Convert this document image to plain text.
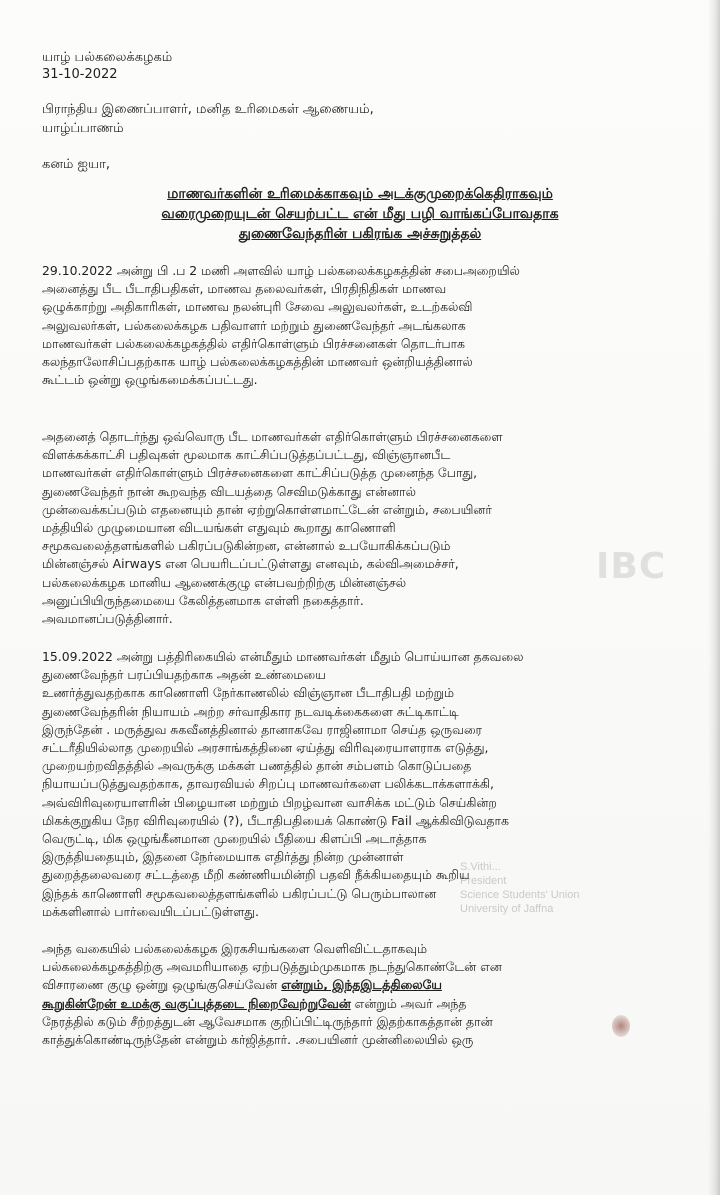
IBC
S.Vithi...
President
Science Students' Union
University of Jaffna
யாழ் பல்கலைக்கழகம்
31-10-2022
பிராந்திய இணைப்பாளர், மனித உரிமைகள் ஆணையம்,
யாழ்ப்பாணம்
கனம் ஐயா,
மாணவர்களின் உரிமைக்காகவும் அடக்குமுறைக்கெதிராகவும்
வரைமுறையுடன் செயற்பட்ட என் மீது பழி வாங்கப்போவதாக
துணைவேந்தரின் பகிரங்க அச்சுறுத்தல்
29.10.2022 அன்று பி .ப 2 மணி அளவில் யாழ் பல்கலைக்கழகத்தின் சபைஅறையில்
அனைத்து பீட பீடாதிபதிகள், மாணவ தலைவர்கள், பிரதிநிதிகள் மாணவ
ஒழுக்காற்று அதிகாரிகள், மாணவ நலன்புரி சேவை அலுவலர்கள், உடற்கல்வி
அலுவலர்கள், பல்கலைக்கழக பதிவாளர் மற்றும் துணைவேந்தர் அடங்கலாக
மாணவர்கள் பல்கலைக்கழகத்தில் எதிர்கொள்ளும் பிரச்சனைகள் தொடர்பாக
கலந்தாலோசிப்பதற்காக யாழ் பல்கலைக்கழகத்தின் மாணவர் ஒன்றியத்தினால்
கூட்டம் ஒன்று ஒழுங்கமைக்கப்பட்டது.
அதனைத் தொடர்ந்து ஒவ்வொரு பீட மாணவர்கள் எதிர்கொள்ளும் பிரச்சனைகளை
விளக்கக்காட்சி பதிவுகள் மூலமாக காட்சிப்படுத்தப்பட்டது, விஞ்ஞானபீட
மாணவர்கள் எதிர்கொள்ளும் பிரச்சனைகளை காட்சிப்படுத்த முனைந்த போது,
துணைவேந்தர் நான் கூறவந்த விடயத்தை செவிமடுக்காது என்னால்
முன்வைக்கப்படும் எதனையும் தான் ஏற்றுகொள்ளமாட்டேன் என்றும், சபையினர்
மத்தியில் முழுமையான விடயங்கள் எதுவும் கூறாது காணொளி
சமூகவலைத்தளங்களில் பகிரப்படுகின்றன, என்னால் உபயோகிக்கப்படும்
மின்னஞ்சல் Airways என பெயரிடப்பட்டுள்ளது எனவும், கல்விஅமைச்சர்,
பல்கலைக்கழக மானிய ஆணைக்குழு என்பவற்றிற்கு மின்னஞ்சல்
அனுப்பியிருந்தமையை கேலித்தனமாக எள்ளி நகைத்தார்.
அவமானப்படுத்தினார்.
15.09.2022 அன்று பத்திரிகையில் என்மீதும் மாணவர்கள் மீதும் பொய்யான தகவலை
துணைவேந்தர் பரப்பியதற்காக அதன் உண்மையை
உணர்த்துவதற்காக காணொளி நேர்காணலில் விஞ்ஞான பீடாதிபதி மற்றும்
துணைவேந்தரின் நியாயம் அற்ற சர்வாதிகார நடவடிக்கைகளை சுட்டிகாட்டி
இருந்தேன் . மருத்துவ சுகவீனத்தினால் தானாகவே ராஜினாமா செய்த ஒருவரை
சட்டரீதியில்லாத முறையில் அரசாங்கத்தினை ஏய்த்து விரிவுரையாளராக எடுத்து,
முறையற்றவிதத்தில் அவருக்கு மக்கள் பணத்தில் தான் சம்பளம் கொடுப்பதை
நியாயப்படுத்துவதற்காக, தாவரவியல் சிறப்பு மாணவர்களை பலிக்கடாக்களாக்கி,
அவ்விரிவுரையாளரின் பிழையான மற்றும் பிறழ்வான வாசிக்க மட்டும் செய்கின்ற
மிகக்குறுகிய நேர விரிவுரையில் (?), பீடாதிபதியைக் கொண்டு Fail ஆக்கிவிடுவதாக
வெருட்டி, மிக ஒழுங்கீனமான முறையில் பீதியை கிளப்பி அடாத்தாக
இருத்தியதையும், இதனை நேர்மையாக எதிர்த்து நின்ற முன்னாள்
துறைத்தலைவரை சட்டத்தை மீறி கண்ணியமின்றி பதவி நீக்கியதையும் கூறிய
இந்தக் காணொளி சமூகவலைத்தளங்களில் பகிரப்பட்டு பெரும்பாலான
மக்களினால் பார்வையிடப்பட்டுள்ளது.
அந்த வகையில் பல்கலைக்கழக இரகசியங்களை வெளிவிட்டதாகவும்
பல்கலைக்கழகத்திற்கு அவமரியாதை ஏற்படுத்தும்முகமாக நடந்துகொண்டேன் என
விசாரணை குழு ஒன்று ஒழுங்குசெய்வேன் என்றும், இந்தஇடத்திலையே
கூறுகின்றேன் உமக்கு வகுப்புத்தடை நிறைவேற்றுவேன் என்றும் அவர் அந்த
நேரத்தில் கடும் சீற்றத்துடன் ஆவேசமாக குறிப்பிட்டிருந்தார் இதற்காகத்தான் தான்
காத்துக்கொண்டிருந்தேன் என்றும் கர்ஜித்தார். .சபையினர் முன்னிலையில் ஒரு
